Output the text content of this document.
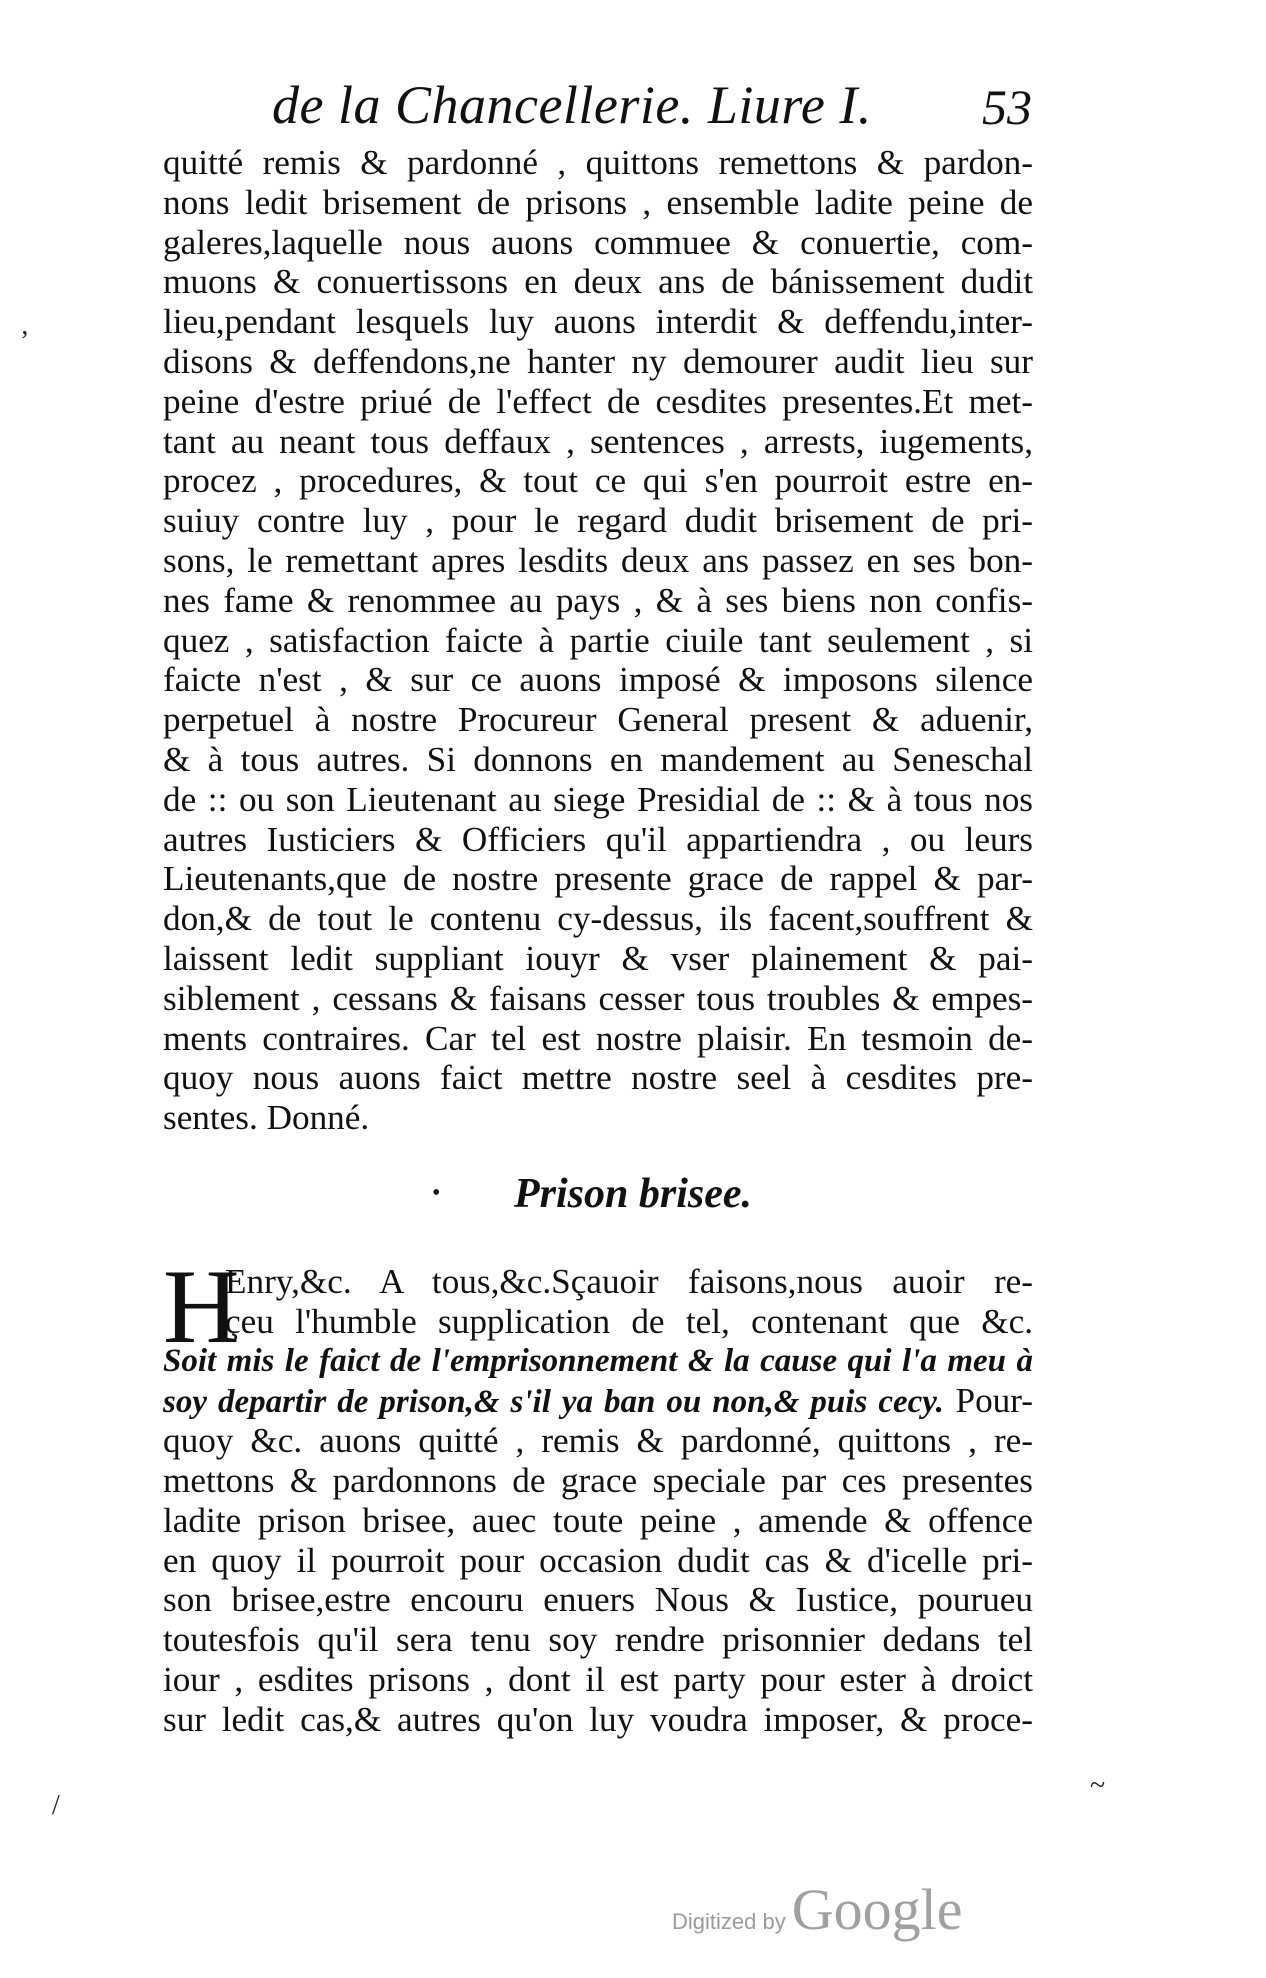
de la Chancellerie. Liure I. 53
quitté remis & pardonné , quittons remettons & pardon-
nons ledit brisement de prisons , ensemble ladite peine de
galeres,laquelle nous auons commuee & conuertie, com-
muons & conuertissons en deux ans de bánissement dudit
lieu,pendant lesquels luy auons interdit & deffendu,inter-
disons & deffendons,ne hanter ny demourer audit lieu sur
peine d'estre priué de l'effect de cesdites presentes.Et met-
tant au neant tous deffaux , sentences , arrests, iugements,
procez , procedures, & tout ce qui s'en pourroit estre en-
suiuy contre luy , pour le regard dudit brisement de pri-
sons, le remettant apres lesdits deux ans passez en ses bon-
nes fame & renommee au pays , & à ses biens non confis-
quez , satisfaction faicte à partie ciuile tant seulement , si
faicte n'est , & sur ce auons imposé & imposons silence
perpetuel à nostre Procureur General present & aduenir,
& à tous autres. Si donnons en mandement au Seneschal
de :: ou son Lieutenant au siege Presidial de :: & à tous nos
autres Iusticiers & Officiers qu'il appartiendra , ou leurs
Lieutenants,que de nostre presente grace de rappel & par-
don,& de tout le contenu cy-dessus, ils facent,souffrent &
laissent ledit suppliant iouyr & vser plainement & pai-
siblement , cessans & faisans cesser tous troubles & empes-
ments contraires. Car tel est nostre plaisir. En tesmoin de-
quoy nous auons faict mettre nostre seel à cesdites pre-
sentes. Donné.
•	Prison brisee.
H
Enry,&c. A tous,&c.Sçauoir faisons,nous auoir re-
çeu l'humble supplication de tel, contenant que &c.
Soit mis le faict de l'emprisonnement & la cause qui l'a meu à
soy departir de prison,& s'il ya ban ou non,& puis cecy. Pour-
quoy &c. auons quitté , remis & pardonné, quittons , re-
mettons & pardonnons de grace speciale par ces presentes
ladite prison brisee, auec toute peine , amende & offence
en quoy il pourroit pour occasion dudit cas & d'icelle pri-
son brisee,estre encouru enuers Nous & Iustice, pourueu
toutesfois qu'il sera tenu soy rendre prisonnier dedans tel
iour , esdites prisons , dont il est party pour ester à droict
sur ledit cas,& autres qu'on luy voudra imposer, & proce-
‚
/
~
Digitized by Google
